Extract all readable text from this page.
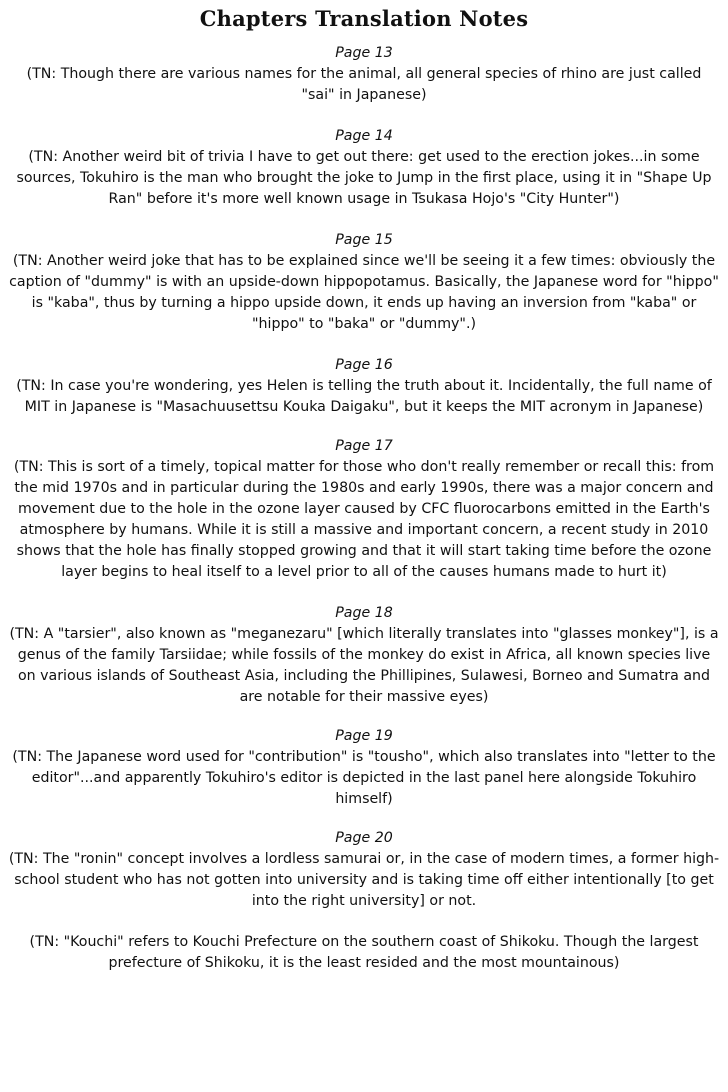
Chapters Translation Notes
Page 13
(TN: Though there are various names for the animal, all general species of rhino are just called "sai" in Japanese)
Page 14
(TN: Another weird bit of trivia I have to get out there: get used to the erection jokes...in some sources, Tokuhiro is the man who brought the joke to Jump in the first place, using it in "Shape Up Ran" before it's more well known usage in Tsukasa Hojo's "City Hunter")
Page 15
(TN: Another weird joke that has to be explained since we'll be seeing it a few times: obviously the caption of "dummy" is with an upside-down hippopotamus. Basically, the Japanese word for "hippo" is "kaba", thus by turning a hippo upside down, it ends up having an inversion from "kaba" or "hippo" to "baka" or "dummy".)
Page 16
(TN: In case you're wondering, yes Helen is telling the truth about it. Incidentally, the full name of MIT in Japanese is "Masachuusettsu Kouka Daigaku", but it keeps the MIT acronym in Japanese)
Page 17
(TN: This is sort of a timely, topical matter for those who don't really remember or recall this: from the mid 1970s and in particular during the 1980s and early 1990s, there was a major concern and movement due to the hole in the ozone layer caused by CFC fluorocarbons emitted in the Earth's atmosphere by humans. While it is still a massive and important concern, a recent study in 2010 shows that the hole has finally stopped growing and that it will start taking time before the ozone layer begins to heal itself to a level prior to all of the causes humans made to hurt it)
Page 18
(TN: A "tarsier", also known as "meganezaru" [which literally translates into "glasses monkey"], is a genus of the family Tarsiidae; while fossils of the monkey do exist in Africa, all known species live on various islands of Southeast Asia, including the Phillipines, Sulawesi, Borneo and Sumatra and are notable for their massive eyes)
Page 19
(TN: The Japanese word used for "contribution" is "tousho", which also translates into "letter to the editor"...and apparently Tokuhiro's editor is depicted in the last panel here alongside Tokuhiro himself)
Page 20
(TN: The "ronin" concept involves a lordless samurai or, in the case of modern times, a former high-school student who has not gotten into university and is taking time off either intentionally [to get into the right university] or not.
(TN: "Kouchi" refers to Kouchi Prefecture on the southern coast of Shikoku. Though the largest prefecture of Shikoku, it is the least resided and the most mountainous)
